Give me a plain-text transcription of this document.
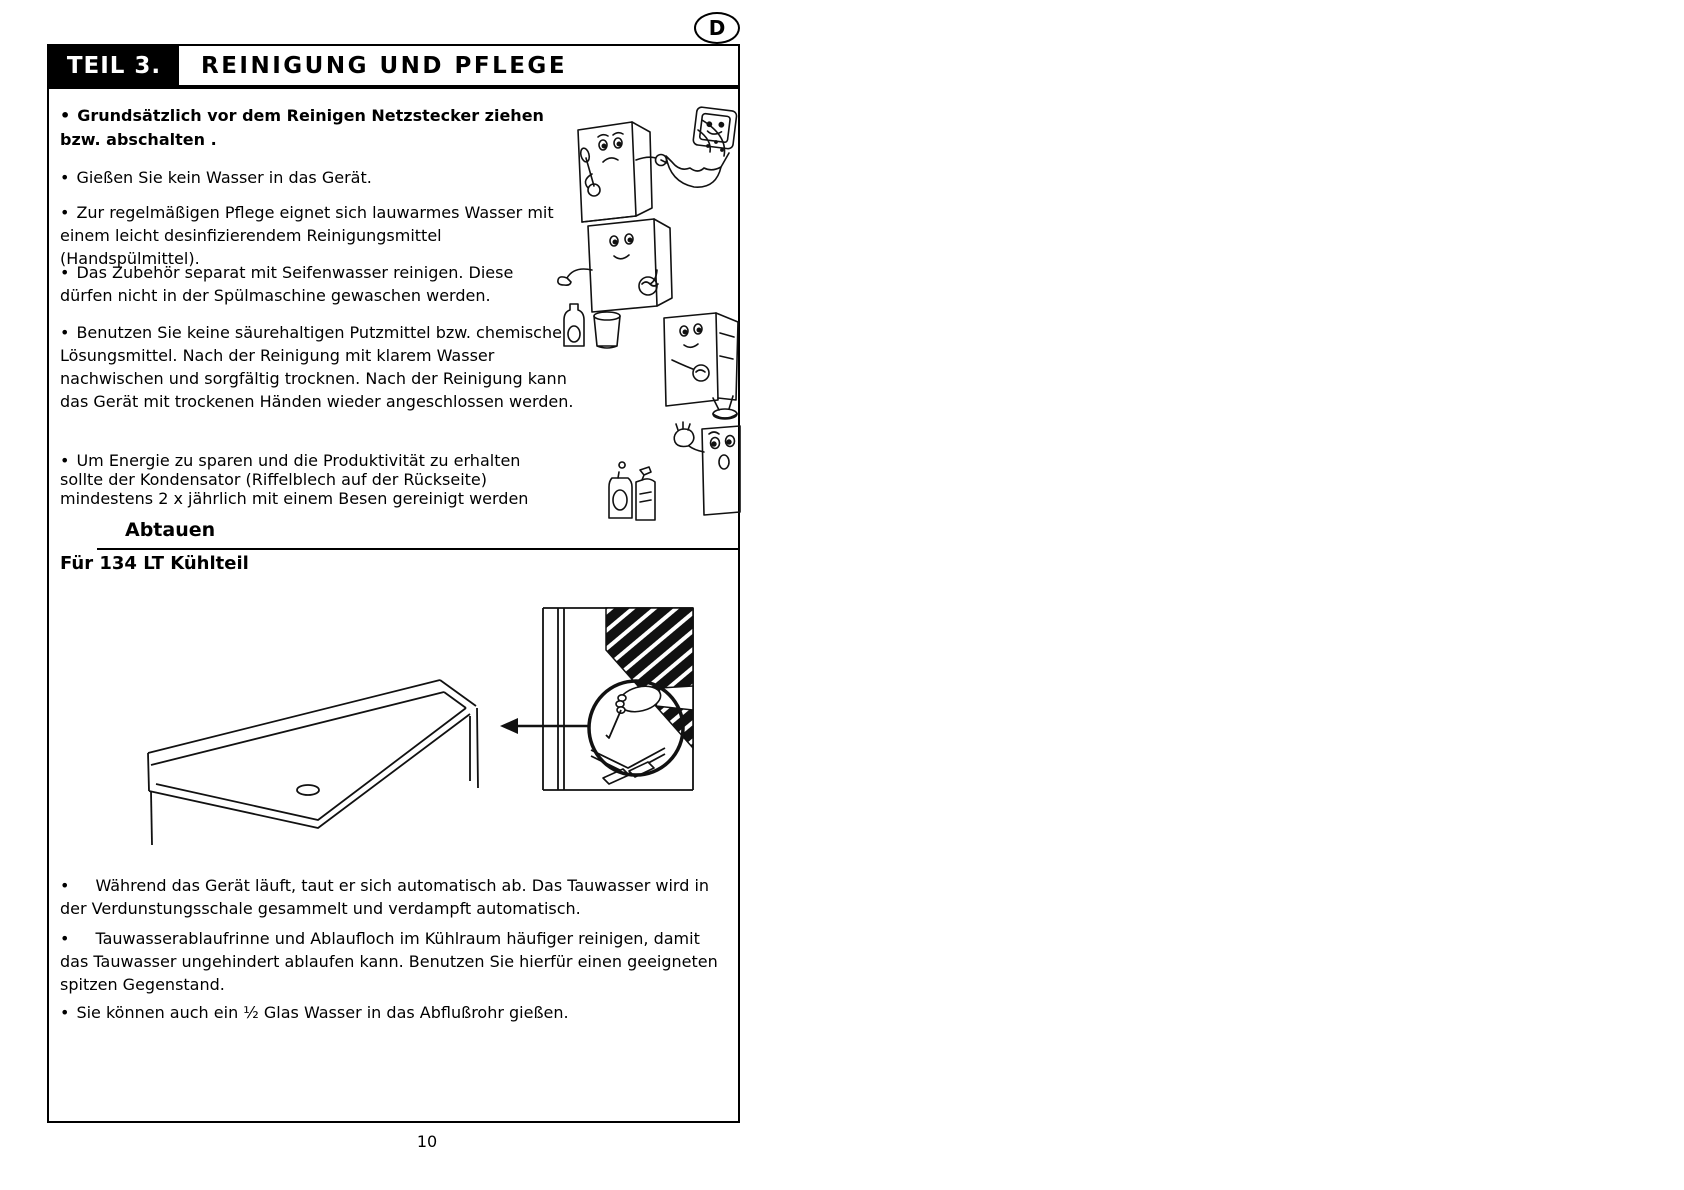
D
TEIL 3.	REINIGUNG UND PFLEGE
• Grundsätzlich vor dem Reinigen Netzstecker ziehen bzw. abschalten .
• Gießen Sie kein Wasser in das Gerät.
• Zur regelmäßigen Pflege eignet sich lauwarmes Wasser mit einem leicht desinfizierendem Reinigungsmittel (Handspülmittel).
• Das Zubehör separat mit Seifenwasser reinigen. Diese dürfen nicht in der Spülmaschine gewaschen werden.
• Benutzen Sie keine säurehaltigen Putzmittel bzw. chemische Lösungsmittel. Nach der Reinigung mit klarem Wasser nachwischen und sorgfältig trocknen. Nach der Reinigung kann das Gerät mit trockenen Händen wieder angeschlossen werden.
• Um Energie zu sparen und die Produktivität zu erhalten sollte der Kondensator (Riffelblech auf der Rückseite) mindestens 2 x jährlich mit einem Besen gereinigt werden
Abtauen
Für 134 LT Kühlteil
• Während das Gerät läuft, taut er sich automatisch ab. Das Tauwasser wird in der Verdunstungsschale gesammelt und verdampft automatisch.
• Tauwasserablaufrinne und Ablaufloch im Kühlraum häufiger reinigen, damit das Tauwasser ungehindert ablaufen kann. Benutzen Sie hierfür einen geeigneten spitzen Gegenstand.
• Sie können auch ein ½ Glas Wasser in das Abflußrohr gießen.
10
